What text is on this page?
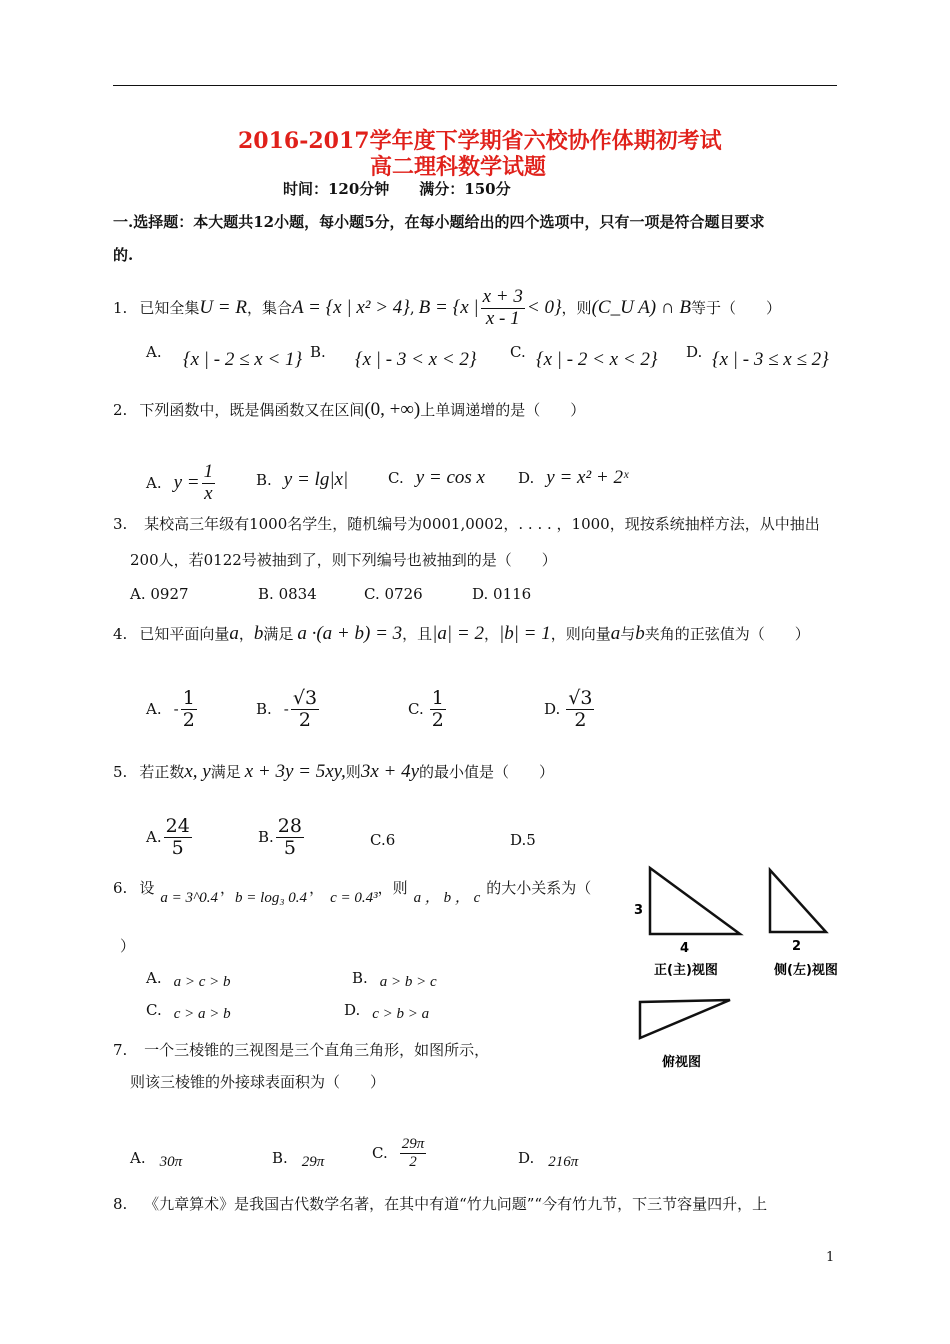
2016-2017学年度下学期省六校协作体期初考试
高二理科数学试题
时间：120分钟　　满分：150分
一.选择题：本大题共12小题，每小题5分，在每小题给出的四个选项中，只有一项是符合题目要求
的.
1. 已知全集 U = R ，集合 A = {x | x² > 4} , B = {x | $\frac{x + 3}{x - 1} < 0$} ，则 (C_U A) ∩ B 等于（　　）
A. {x | - 2 ≤ x < 1} B. {x | - 3 < x < 2} C. {x | - 2 < x < 2} D. {x | - 3 ≤ x ≤ 2}
2. 下列函数中，既是偶函数又在区间 (0, +∞) 上单调递增的是（　　）
A. $y = \frac{1}{x}$	B. y = lg|x|	C. y = cos x D. y = x² + 2ˣ
3. 某校高三年级有1000名学生，随机编号为0001,0002，. . . . ，1000，现按系统抽样方法，从中抽出
200人，若0122号被抽到了，则下列编号也被抽到的是（　　）
A. 0927	B. 0834	C. 0726	D. 0116
4. 已知平面向量 a ， b 满足 a ·(a + b) = 3 ，且 |a| = 2 ， |b| = 1 ，则向量 a 与 b 夹角的正弦值为（　　）
A. - $\frac{1}{2}$	B. - $\frac{√3}{2}$	C. $\frac{1}{2}$	D. $\frac{√3}{2}$
5. 若正数 x, y 满足 x + 3y = 5xy, 则 3x + 4y 的最小值是（　　）
A. $\frac{24}{5}$	B. $\frac{28}{5}$	C.6	D.5
6. 设
a = 3^0.4
，
b = log₃ 0.4
，
c = 0.4³
，则
a ， b ， c
的大小关系为（
）
A. a > c > b	B. a > b > c
C. c > a > b	D. c > b > a
3
4
正(主)视图
2
侧(左)视图
俯视图
7. 一个三棱锥的三视图是三个直角三角形，如图所示，
则该三棱锥的外接球表面积为（　　）
A. 30π	B. 29π	C. $\frac{29\pi}{2}$	D. 216π
8. 《九章算术》是我国古代数学名著，在其中有道“竹九问题”“今有竹九节，下三节容量四升，上
1
